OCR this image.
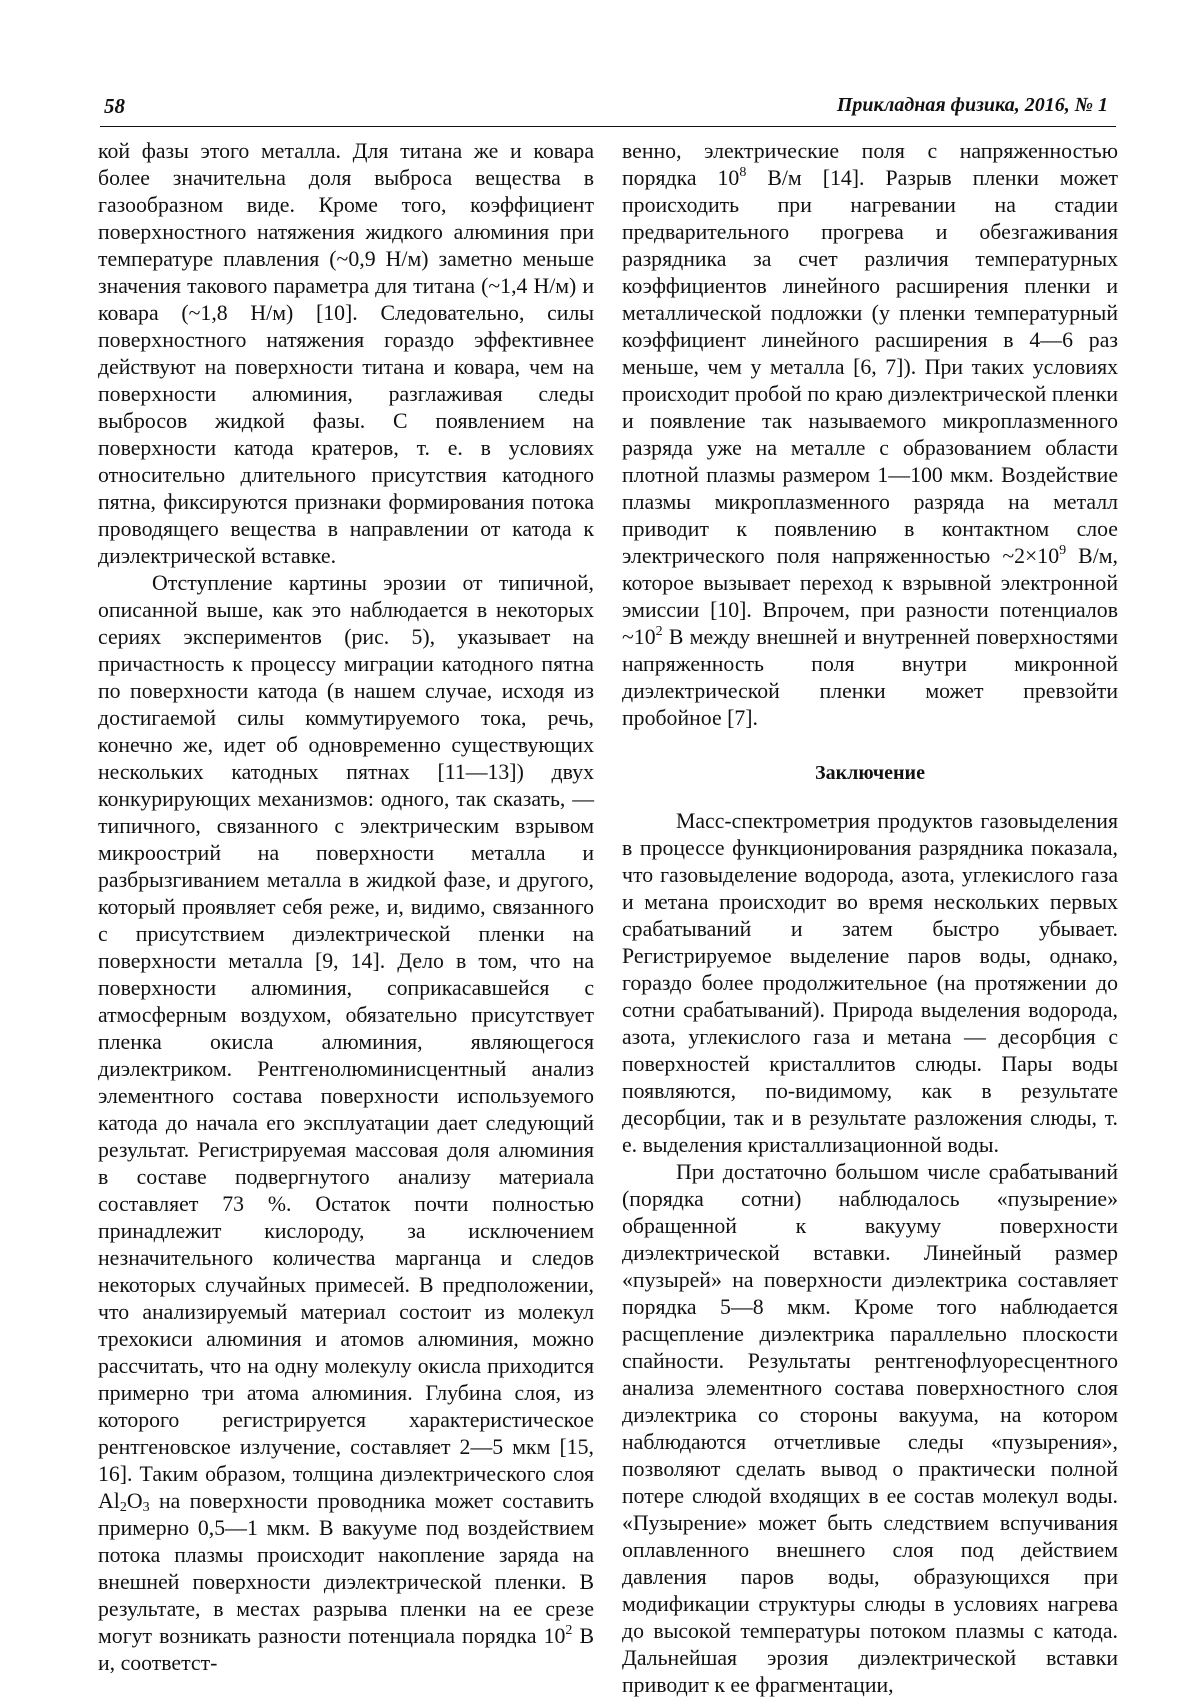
58	Прикладная физика, 2016, № 1

кой фазы этого металла. Для титана же и ковара более значительна доля выброса вещества в газообразном виде. Кроме того, коэффициент поверхностного натяжения жидкого алюминия при температуре плавления (~0,9 Н/м) заметно меньше значения такового параметра для титана (~1,4 Н/м) и ковара (~1,8 Н/м) [10]. Следовательно, силы поверхностного натяжения гораздо эффективнее действуют на поверхности титана и ковара, чем на поверхности алюминия, разглаживая следы выбросов жидкой фазы. С появлением на поверхности катода кратеров, т. е. в условиях относительно длительного присутствия катодного пятна, фиксируются признаки формирования потока проводящего вещества в направлении от катода к диэлектрической вставке.

Отступление картины эрозии от типичной, описанной выше, как это наблюдается в некоторых сериях экспериментов (рис. 5), указывает на причастность к процессу миграции катодного пятна по поверхности катода (в нашем случае, исходя из достигаемой силы коммутируемого тока, речь, конечно же, идет об одновременно существующих нескольких катодных пятнах [11—13]) двух конкурирующих механизмов: одного, так сказать, — типичного, связанного с электрическим взрывом микроострий на поверхности металла и разбрызгиванием металла в жидкой фазе, и другого, который проявляет себя реже, и, видимо, связанного с присутствием диэлектрической пленки на поверхности металла [9, 14]. Дело в том, что на поверхности алюминия, соприкасавшейся с атмосферным воздухом, обязательно присутствует пленка окисла алюминия, являющегося диэлектриком. Рентгенолюминисцентный анализ элементного состава поверхности используемого катода до начала его эксплуатации дает следующий результат. Регистрируемая массовая доля алюминия в составе подвергнутого анализу материала составляет 73 %. Остаток почти полностью принадлежит кислороду, за исключением незначительного количества марганца и следов некоторых случайных примесей. В предположении, что анализируемый материал состоит из молекул трехокиси алюминия и атомов алюминия, можно рассчитать, что на одну молекулу окисла приходится примерно три атома алюминия. Глубина слоя, из которого регистрируется характеристическое рентгеновское излучение, составляет 2—5 мкм [15, 16]. Таким образом, толщина диэлектрического слоя $Al_2O_3$ на поверхности проводника может составить примерно 0,5—1 мкм. В вакууме под воздействием потока плазмы происходит накопление заряда на внешней поверхности диэлектрической пленки. В результате, в местах разрыва пленки на ее срезе могут возникать разности потенциала порядка $10^2$ В и, соответст-

венно, электрические поля с напряженностью порядка $10^8$ В/м [14]. Разрыв пленки может происходить при нагревании на стадии предварительного прогрева и обезгаживания разрядника за счет различия температурных коэффициентов линейного расширения пленки и металлической подложки (у пленки температурный коэффициент линейного расширения в 4—6 раз меньше, чем у металла [6, 7]). При таких условиях происходит пробой по краю диэлектрической пленки и появление так называемого микроплазменного разряда уже на металле с образованием области плотной плазмы размером 1—100 мкм. Воздействие плазмы микроплазменного разряда на металл приводит к появлению в контактном слое электрического поля напряженностью $\sim 2\times 10^9$ В/м, которое вызывает переход к взрывной электронной эмиссии [10]. Впрочем, при разности потенциалов $\sim 10^2$ В между внешней и внутренней поверхностями напряженность поля внутри микронной диэлектрической пленки может превзойти пробойное [7].

Заключение

Масс-спектрометрия продуктов газовыделения в процессе функционирования разрядника показала, что газовыделение водорода, азота, углекислого газа и метана происходит во время нескольких первых срабатываний и затем быстро убывает. Регистрируемое выделение паров воды, однако, гораздо более продолжительное (на протяжении до сотни срабатываний). Природа выделения водорода, азота, углекислого газа и метана — десорбция с поверхностей кристаллитов слюды. Пары воды появляются, по-видимому, как в результате десорбции, так и в результате разложения слюды, т. е. выделения кристаллизационной воды.

При достаточно большом числе срабатываний (порядка сотни) наблюдалось «пузырение» обращенной к вакууму поверхности диэлектрической вставки. Линейный размер «пузырей» на поверхности диэлектрика составляет порядка 5—8 мкм. Кроме того наблюдается расщепление диэлектрика параллельно плоскости спайности. Результаты рентгенофлуоресцентного анализа элементного состава поверхностного слоя диэлектрика со стороны вакуума, на котором наблюдаются отчетливые следы «пузырения», позволяют сделать вывод о практически полной потере слюдой входящих в ее состав молекул воды. «Пузырение» может быть следствием вспучивания оплавленного внешнего слоя под действием давления паров воды, образующихся при модификации структуры слюды в условиях нагрева до высокой температуры потоком плазмы с катода. Дальнейшая эрозия диэлектрической вставки приводит к ее фрагментации,
